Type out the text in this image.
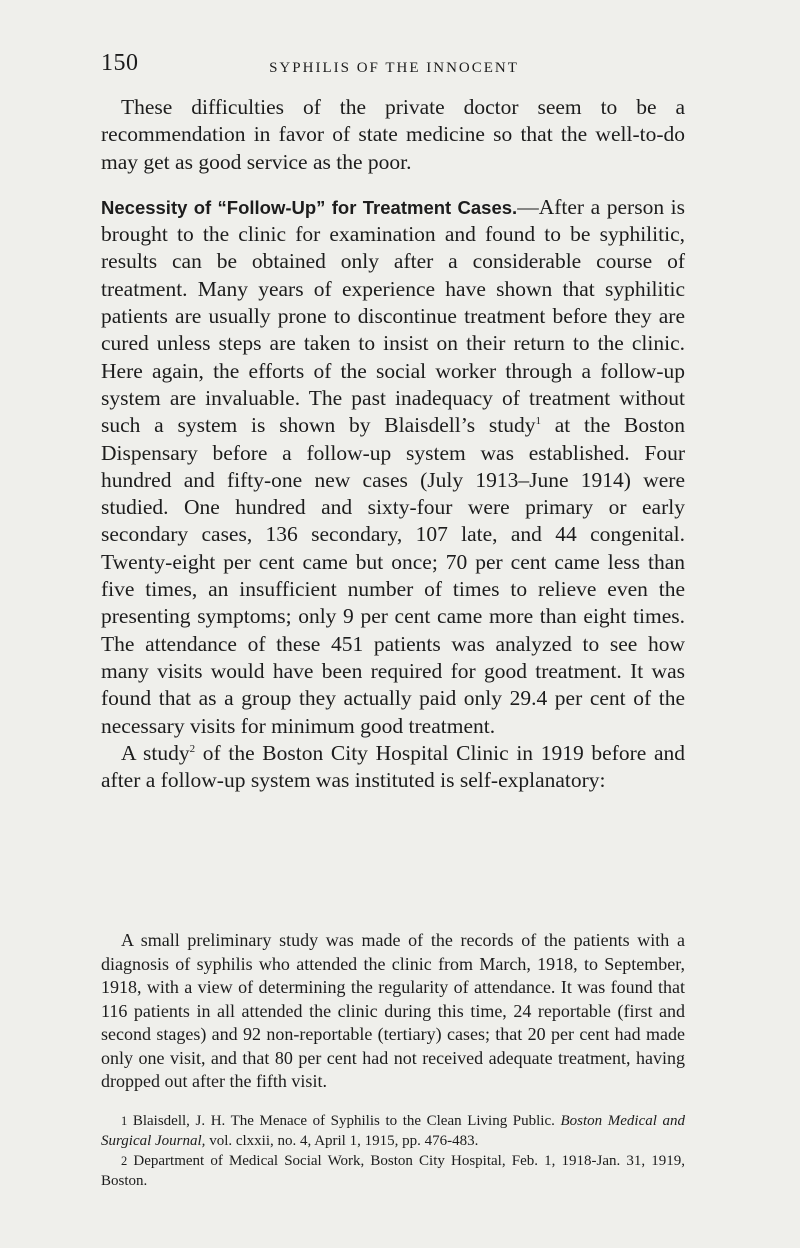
150	SYPHILIS OF THE INNOCENT

These difficulties of the private doctor seem to be a recommendation in favor of state medicine so that the well-to-do may get as good service as the poor.

Necessity of “Follow-Up” for Treatment Cases.—After a person is brought to the clinic for examination and found to be syphilitic, results can be obtained only after a considerable course of treatment. Many years of experience have shown that syphilitic patients are usually prone to discontinue treatment before they are cured unless steps are taken to insist on their return to the clinic. Here again, the efforts of the social worker through a follow-up system are invaluable. The past inadequacy of treatment without such a system is shown by Blaisdell’s study$^1$ at the Boston Dispensary before a follow-up system was established. Four hundred and fifty-one new cases (July 1913–June 1914) were studied. One hundred and sixty-four were primary or early secondary cases, 136 secondary, 107 late, and 44 congenital. Twenty-eight per cent came but once; 70 per cent came less than five times, an insufficient number of times to relieve even the presenting symptoms; only 9 per cent came more than eight times. The attendance of these 451 patients was analyzed to see how many visits would have been required for good treatment. It was found that as a group they actually paid only 29.4 per cent of the necessary visits for minimum good treatment.

A study$^2$ of the Boston City Hospital Clinic in 1919 before and after a follow-up system was instituted is self-explanatory:

A small preliminary study was made of the records of the patients with a diagnosis of syphilis who attended the clinic from March, 1918, to September, 1918, with a view of determining the regularity of attendance. It was found that 116 patients in all attended the clinic during this time, 24 reportable (first and second stages) and 92 non-reportable (tertiary) cases; that 20 per cent had made only one visit, and that 80 per cent had not received adequate treatment, having dropped out after the fifth visit.

1 Blaisdell, J. H. The Menace of Syphilis to the Clean Living Public. Boston Medical and Surgical Journal, vol. clxxii, no. 4, April 1, 1915, pp. 476-483.

2 Department of Medical Social Work, Boston City Hospital, Feb. 1, 1918-Jan. 31, 1919, Boston.
